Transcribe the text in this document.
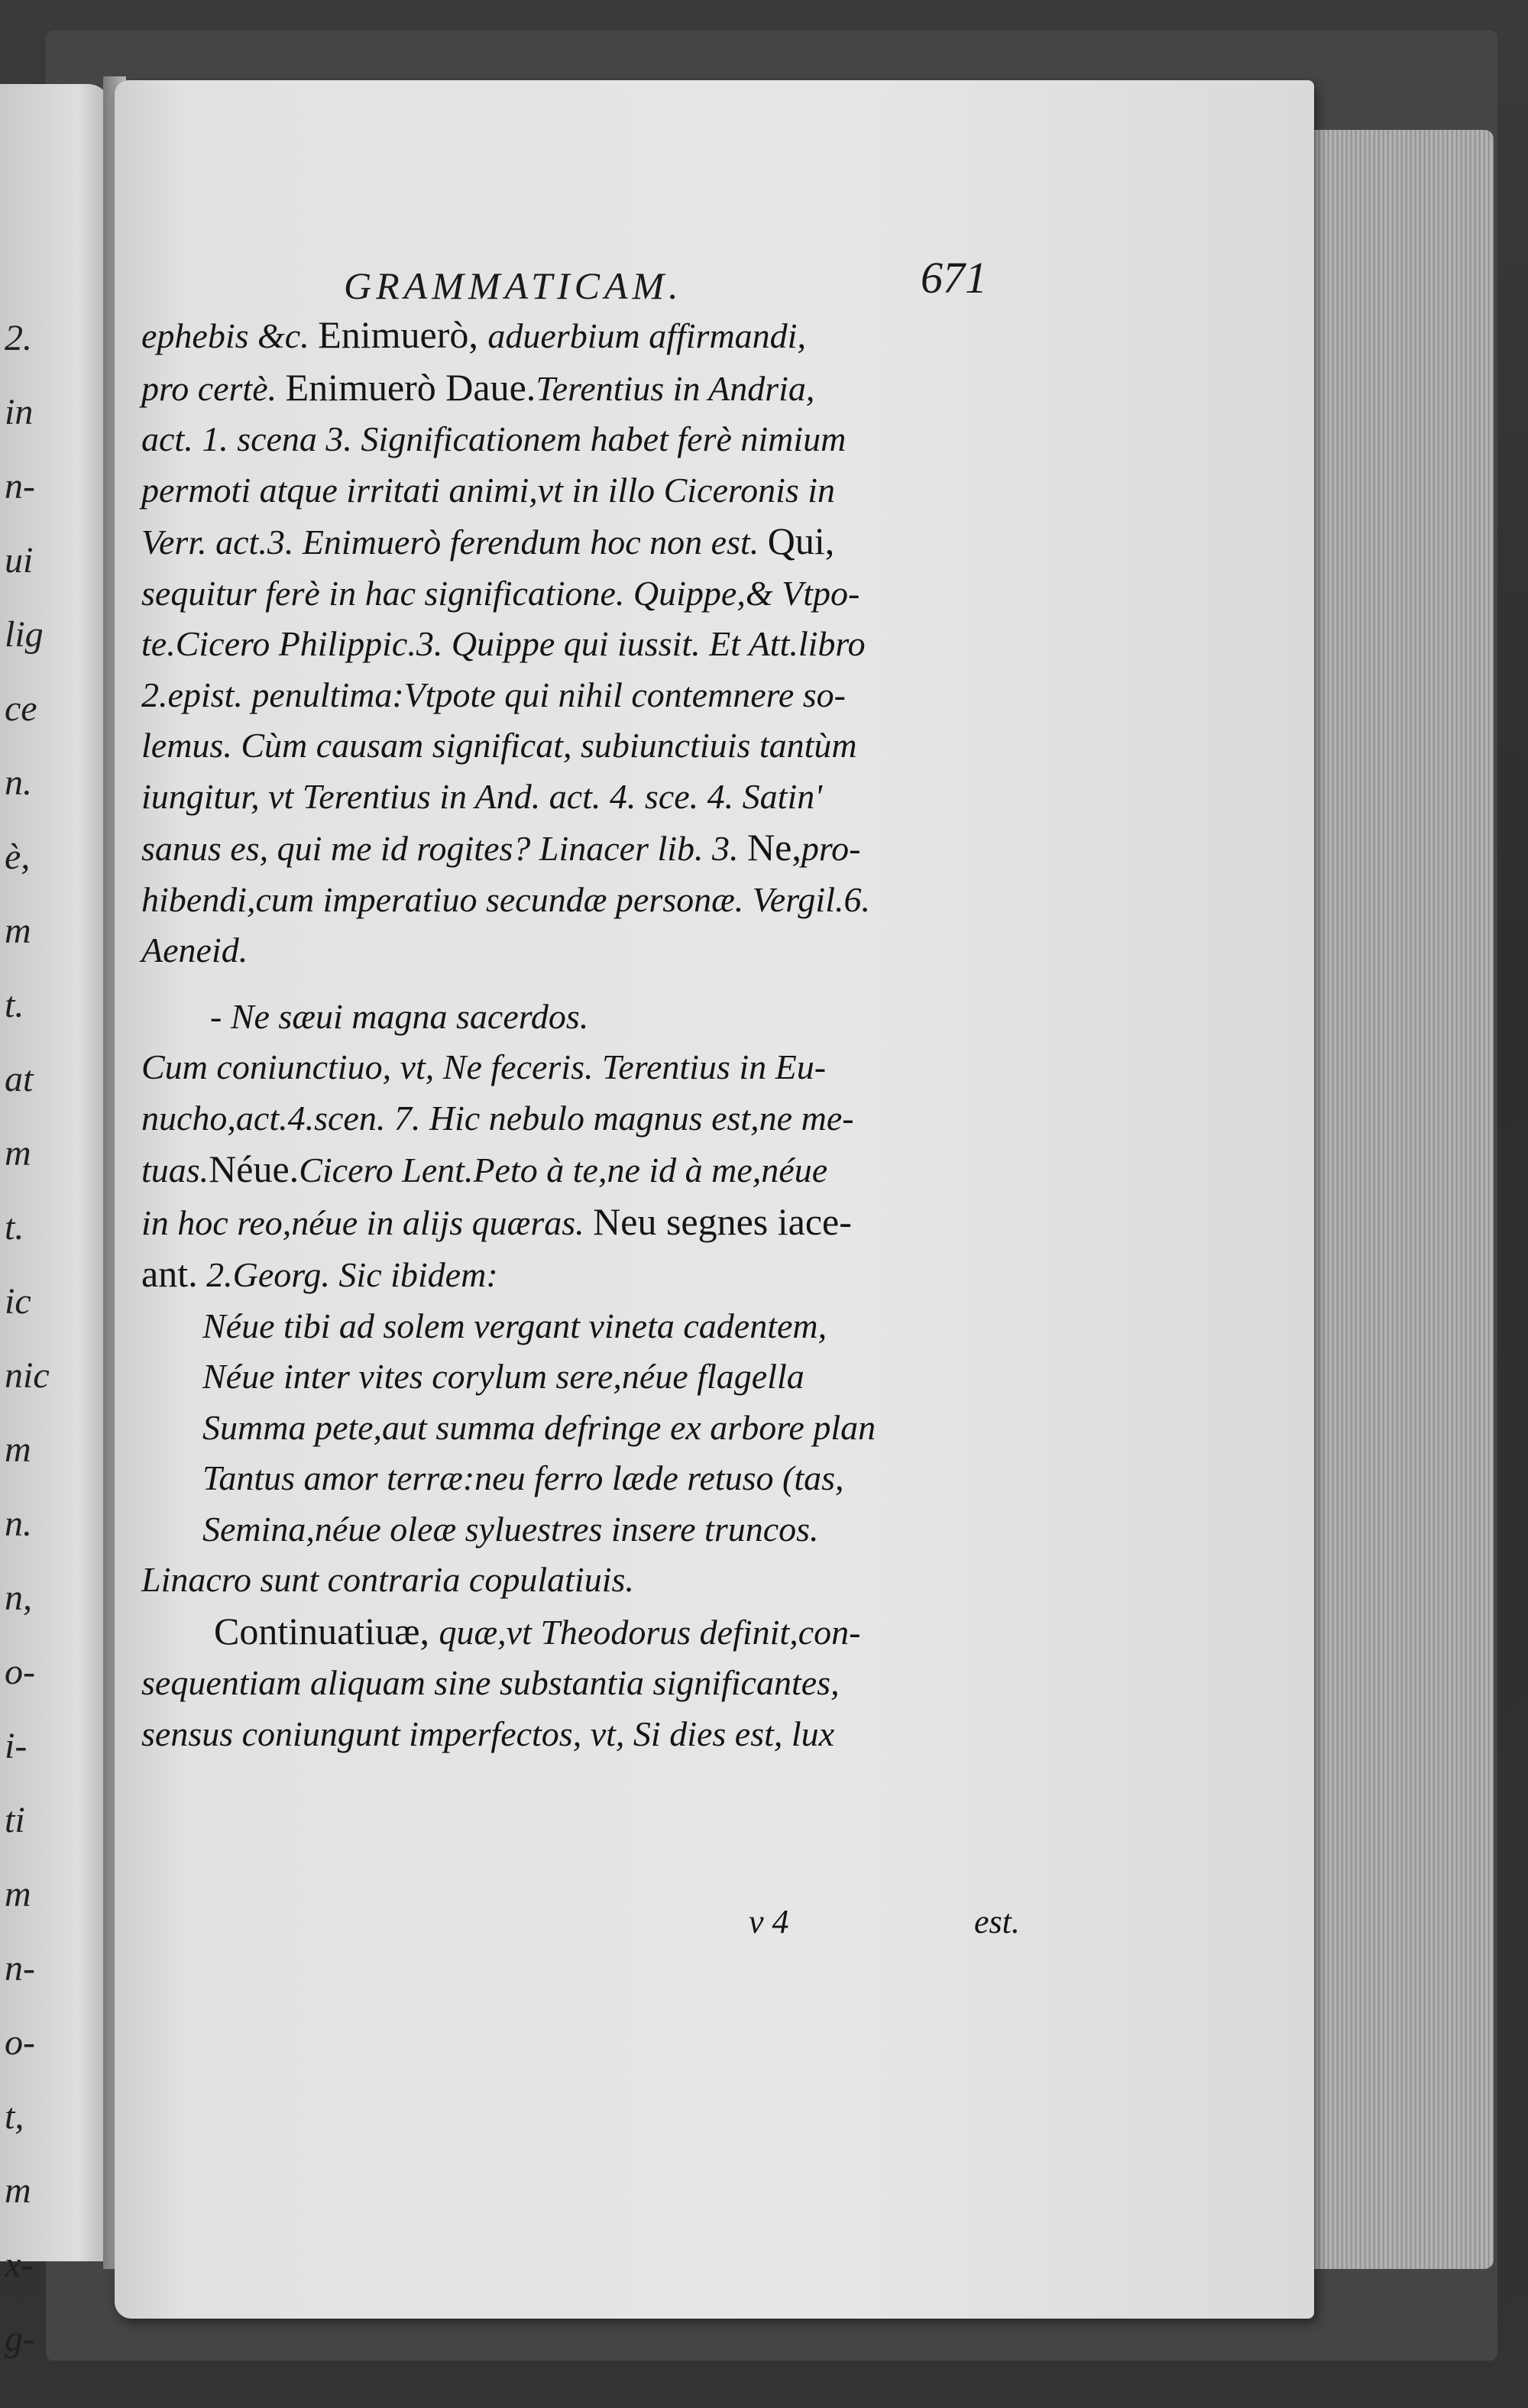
2.
in
n-
ui
lig
ce
n.
è,
m
t.
at
m
t.
ic
nic
m
n.
n,
o-
i-
ti
m
n-
o-
t,
m
x-
g-
GRAMMATICAM.	671
ephebis &c. Enimuerò, aduerbium affirmandi,
pro certè. Enimuerò Daue.Terentius in Andria,
act. 1. scena 3. Significationem habet ferè nimium
permoti atque irritati animi,vt in illo Ciceronis in
Verr. act.3. Enimuerò ferendum hoc non est. Qui,
sequitur ferè in hac significatione. Quippe,& Vtpo-
te.Cicero Philippic.3. Quippe qui iussit. Et Att.libro
2.epist. penultima:Vtpote qui nihil contemnere so-
lemus. Cùm causam significat, subiunctiuis tantùm
iungitur, vt Terentius in And. act. 4. sce. 4. Satin'
sanus es, qui me id rogites? Linacer lib. 3. Ne,pro-
hibendi,cum imperatiuo secundæ personæ. Vergil.6.
Aeneid.
- Ne sæui magna sacerdos.
Cum coniunctiuo, vt, Ne feceris. Terentius in Eu-
nucho,act.4.scen. 7. Hic nebulo magnus est,ne me-
tuas.Néue.Cicero Lent.Peto à te,ne id à me,néue
in hoc reo,néue in alijs quæras. Neu segnes iace-
ant. 2.Georg. Sic ibidem:
Néue tibi ad solem vergant vineta cadentem,
Néue inter vites corylum sere,néue flagella
Summa pete,aut summa defringe ex arbore plan
Tantus amor terræ:neu ferro læde retuso (tas,
Semina,néue oleæ syluestres insere truncos.
Linacro sunt contraria copulatiuis.
Continuatiuæ, quæ,vt Theodorus definit,con-
sequentiam aliquam sine substantia significantes,
sensus coniungunt imperfectos, vt, Si dies est, lux
v 4	est.
